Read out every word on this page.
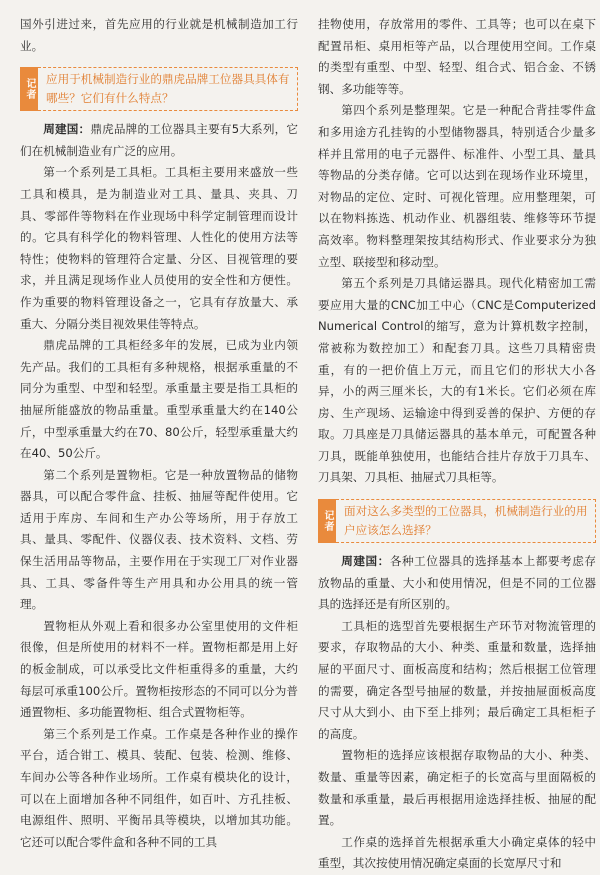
国外引进过来，首先应用的行业就是机械制造加工行业。

记者 应用于机械制造行业的鼎虎品牌工位器具具体有哪些？它们有什么特点？

周建国：鼎虎品牌的工位器具主要有5大系列，它们在机械制造业有广泛的应用。

第一个系列是工具柜。工具柜主要用来盛放一些工具和模具，是为制造业对工具、量具、夹具、刀具、零部件等物料在作业现场中科学定制管理而设计的。它具有科学化的物料管理、人性化的使用方法等特性；使物料的管理符合定量、分区、目视管理的要求，并且满足现场作业人员使用的安全性和方便性。作为重要的物料管理设备之一，它具有存放量大、承重大、分隔分类目视效果佳等特点。

鼎虎品牌的工具柜经多年的发展，已成为业内领先产品。我们的工具柜有多种规格，根据承重量的不同分为重型、中型和轻型。承重量主要是指工具柜的抽屉所能盛放的物品重量。重型承重量大约在140公斤，中型承重量大约在70、80公斤，轻型承重量大约在40、50公斤。

第二个系列是置物柜。它是一种放置物品的储物器具，可以配合零件盒、挂板、抽屉等配件使用。它适用于库房、车间和生产办公等场所，用于存放工具、量具、零配件、仪器仪表、技术资料、文档、劳保生活用品等物品，主要作用在于实现工厂对作业器具、工具、零备件等生产用具和办公用具的统一管理。

置物柜从外观上看和很多办公室里使用的文件柜很像，但是所使用的材料不一样。置物柜都是用上好的板金制成，可以承受比文件柜重得多的重量，大约每层可承重100公斤。置物柜按形态的不同可以分为普通置物柜、多功能置物柜、组合式置物柜等。

第三个系列是工作桌。工作桌是各种作业的操作平台，适合钳工、模具、装配、包装、检测、维修、车间办公等各种作业场所。工作桌有模块化的设计，可以在上面增加各种不同组件，如百叶、方孔挂板、电源组件、照明、平衡吊具等模块，以增加其功能。它还可以配合零件盒和各种不同的工具

挂物使用，存放常用的零件、工具等；也可以在桌下配置吊柜、桌用柜等产品，以合理使用空间。工作桌的类型有重型、中型、轻型、组合式、铝合金、不锈钢、多功能等等。

第四个系列是整理架。它是一种配合背挂零件盒和多用途方孔挂钩的小型储物器具，特别适合少量多样并且常用的电子元器件、标准件、小型工具、量具等物品的分类存储。它可以达到在现场作业环境里，对物品的定位、定时、可视化管理。应用整理架，可以在物料拣选、机动作业、机器组装、维修等环节提高效率。物料整理架按其结构形式、作业要求分为独立型、联接型和移动型。

第五个系列是刀具储运器具。现代化精密加工需要应用大量的CNC加工中心（CNC是Computerized Numerical Control的缩写，意为计算机数字控制，常被称为数控加工）和配套刀具。这些刀具精密贵重，有的一把价值上万元，而且它们的形状大小各异，小的两三厘米长，大的有1米长。它们必须在库房、生产现场、运输途中得到妥善的保护、方便的存取。刀具座是刀具储运器具的基本单元，可配置各种刀具，既能单独使用，也能结合挂片存放于刀具车、刀具架、刀具柜、抽屉式刀具柜等。

记者 面对这么多类型的工位器具，机械制造行业的用户应该怎么选择？

周建国：各种工位器具的选择基本上都要考虑存放物品的重量、大小和使用情况，但是不同的工位器具的选择还是有所区别的。

工具柜的选型首先要根据生产环节对物流管理的要求，存取物品的大小、种类、重量和数量，选择抽屉的平面尺寸、面板高度和结构；然后根据工位管理的需要，确定各型号抽屉的数量，并按抽屉面板高度尺寸从大到小、由下至上排列；最后确定工具柜柜子的高度。

置物柜的选择应该根据存取物品的大小、种类、数量、重量等因素，确定柜子的长宽高与里面隔板的数量和承重量，最后再根据用途选择挂板、抽屉的配置。

工作桌的选择首先根据承重大小确定桌体的轻中重型，其次按使用情况确定桌面的长宽厚尺寸和
